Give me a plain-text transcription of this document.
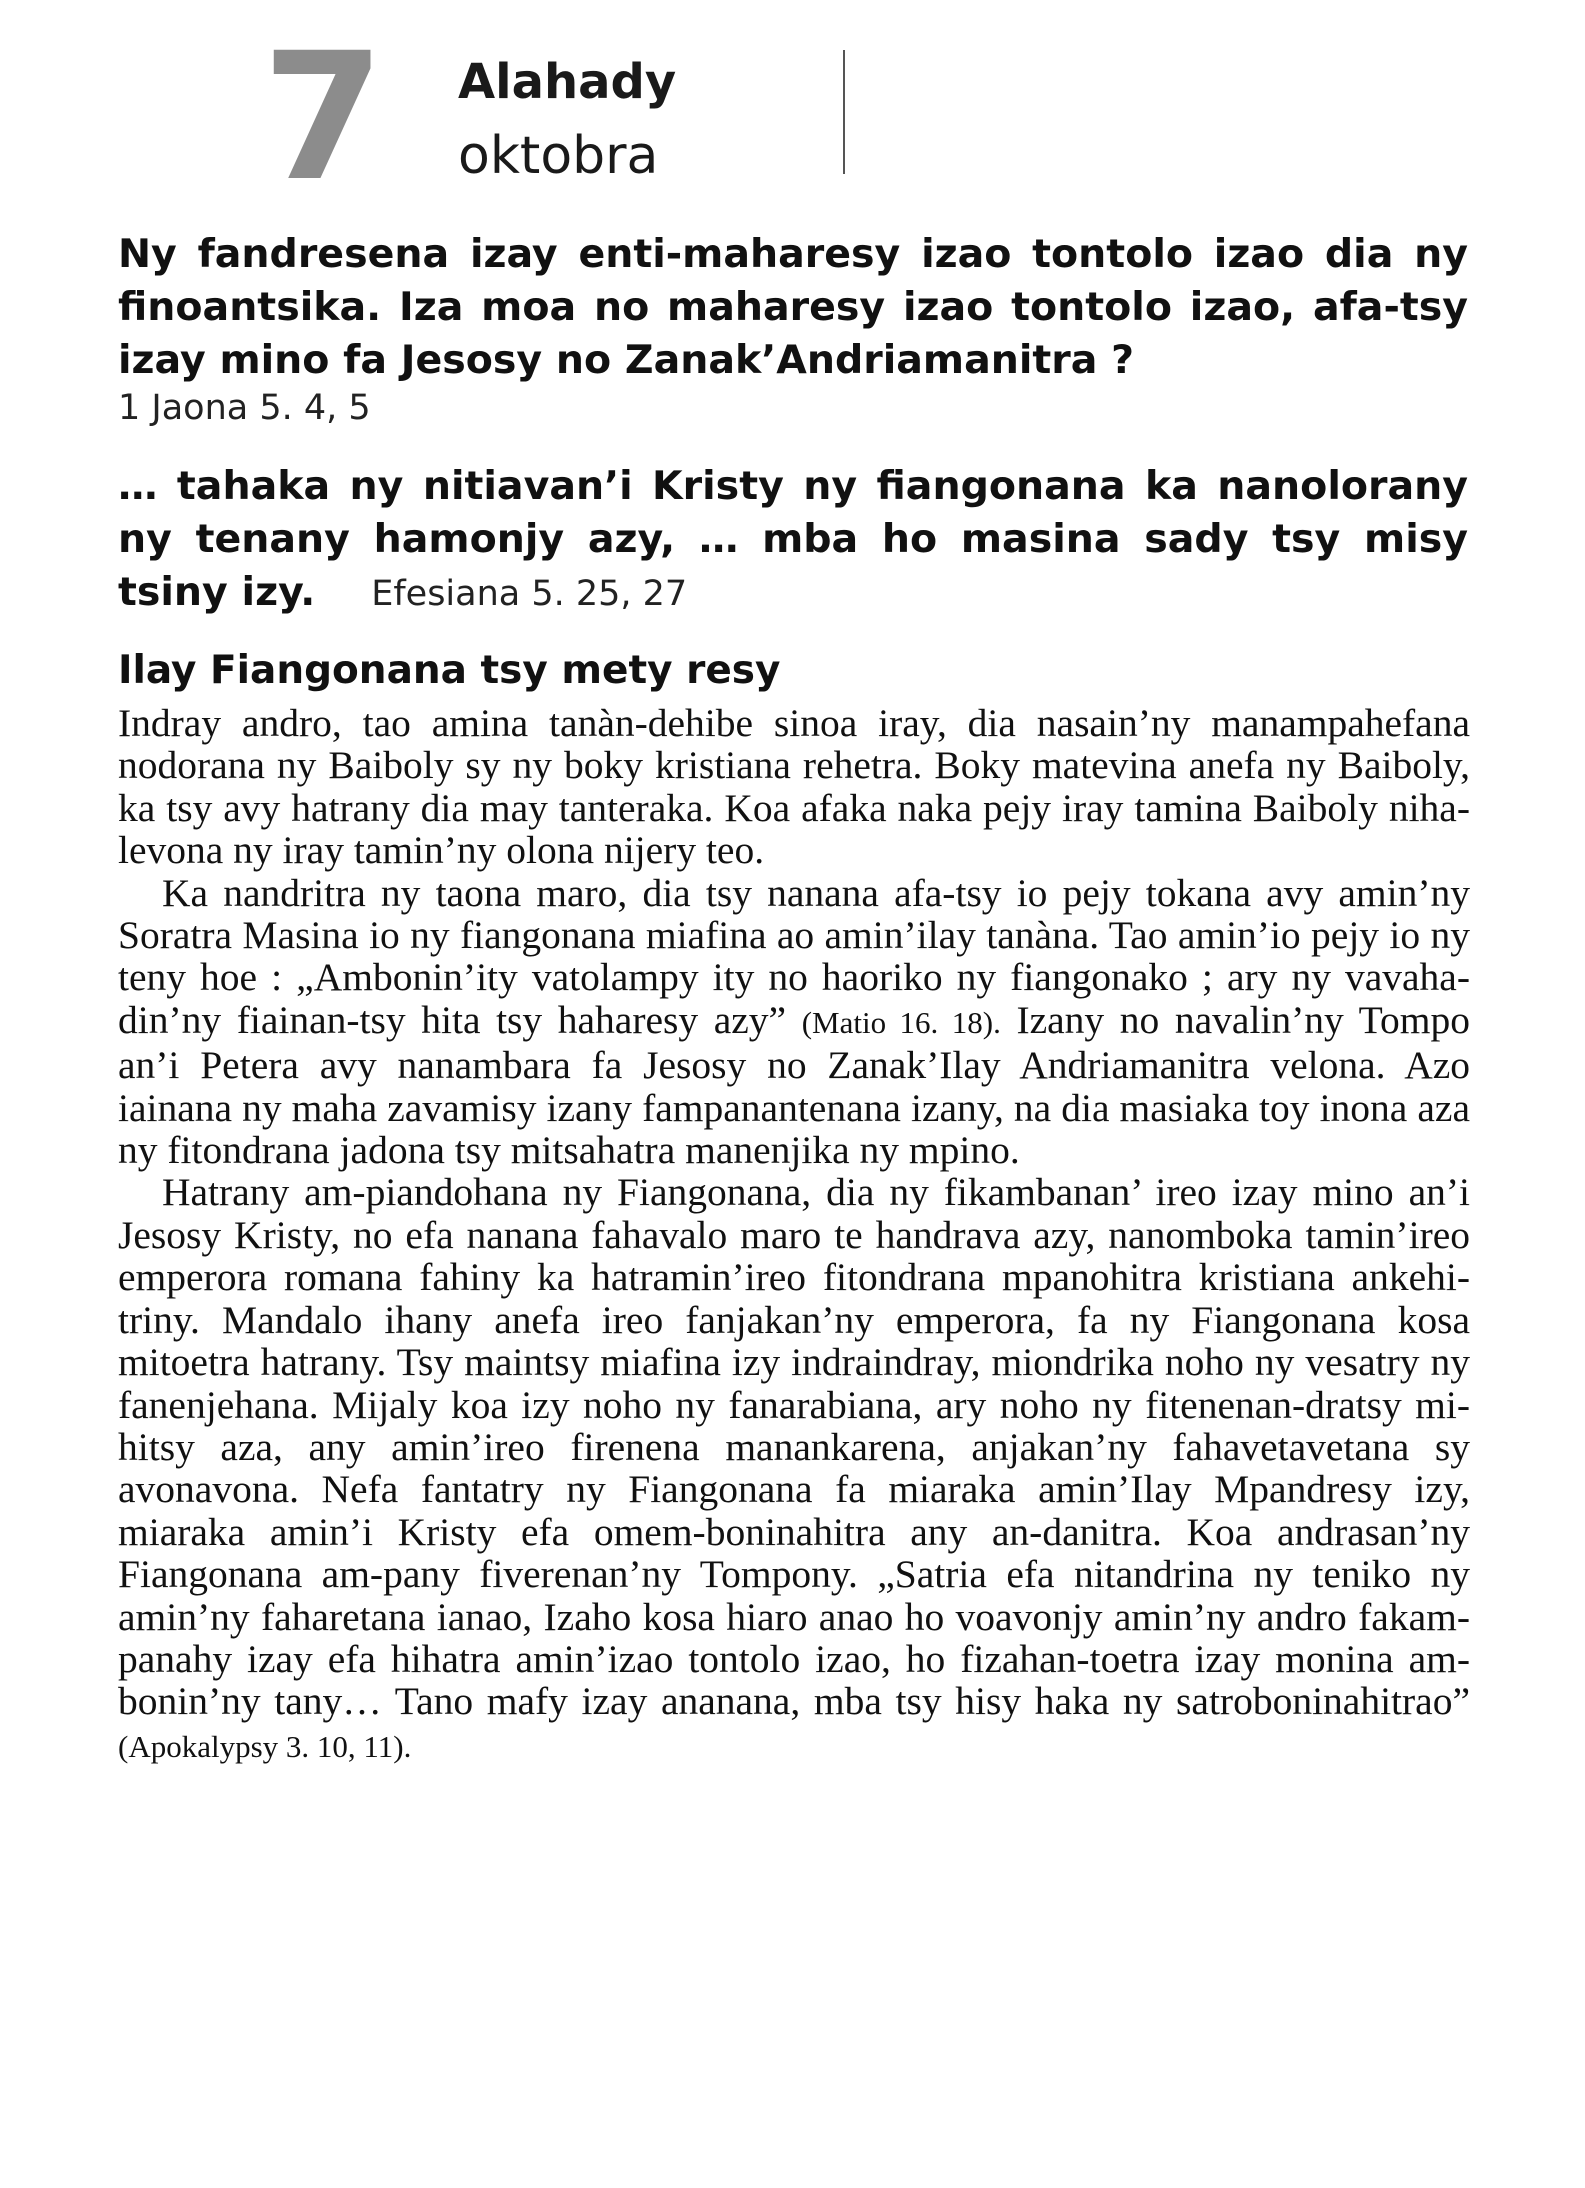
7 Alahady
oktobra
Ny fandresena izay enti-maharesy izao tontolo izao dia ny finoantsika. Iza moa no maharesy izao tontolo izao, afa-tsy izay mino fa Jesosy no Zanak’Andriamanitra ?
1 Jaona 5. 4, 5
… tahaka ny nitiavan’i Kristy ny fiangonana ka nanolorany ny tenany hamonjy azy, … mba ho masina sady tsy misy tsiny izy. Efesiana 5. 25, 27
Ilay Fiangonana tsy mety resy

Indray andro, tao amina tanàn-dehibe sinoa iray, dia nasain’ny manampahefana nodorana ny Baiboly sy ny boky kristiana rehetra. Boky matevina anefa ny Baiboly, ka tsy avy hatrany dia may tanteraka. Koa afaka naka pejy iray tamina Baiboly nihalevona ny iray tamin’ny olona nijery teo.

Ka nandritra ny taona maro, dia tsy nanana afa-tsy io pejy tokana avy amin’ny Soratra Masina io ny fiangonana miafina ao amin’ilay tanàna. Tao amin’io pejy io ny teny hoe : „Ambonin’ity vatolampy ity no haoriko ny fiangonako ; ary ny vavahadin’ny fiainan-tsy hita tsy haharesy azy” (Matio 16. 18). Izany no navalin’ny Tompo an’i Petera avy nanambara fa Jesosy no Zanak’Ilay Andriamanitra velona. Azo iainana ny maha zavamisy izany fampanantenana izany, na dia masiaka toy inona aza ny fitondrana jadona tsy mitsahatra manenjika ny mpino.

Hatrany am-piandohana ny Fiangonana, dia ny fikambanan’ ireo izay mino an’i Jesosy Kristy, no efa nanana fahavalo maro te handrava azy, nanomboka tamin’ireo emperora romana fahiny ka hatramin’ireo fitondrana mpanohitra kristiana ankehitriny. Mandalo ihany anefa ireo fanjakan’ny emperora, fa ny Fiangonana kosa mitoetra hatrany. Tsy maintsy miafina izy indraindray, miondrika noho ny vesatry ny fanenjehana. Mijaly koa izy noho ny fanarabiana, ary noho ny fitenenan-dratsy mihitsy aza, any amin’ireo firenena manankarena, anjakan’ny fahavetavetana sy avonavona. Nefa fantatry ny Fiangonana fa miaraka amin’Ilay Mpandresy izy, miaraka amin’i Kristy efa omem-boninahitra any an-danitra. Koa andrasan’ny Fiangonana am-pany fiverenan’ny Tompony. „Satria efa nitandrina ny teniko ny amin’ny faharetana ianao, Izaho kosa hiaro anao ho voavonjy amin’ny andro fakam-panahy izay efa hihatra amin’izao tontolo izao, ho fizahan-toetra izay monina ambonin’ny tany… Tano mafy izay ananana, mba tsy hisy haka ny satroboninahitrao” (Apokalypsy 3. 10, 11).
